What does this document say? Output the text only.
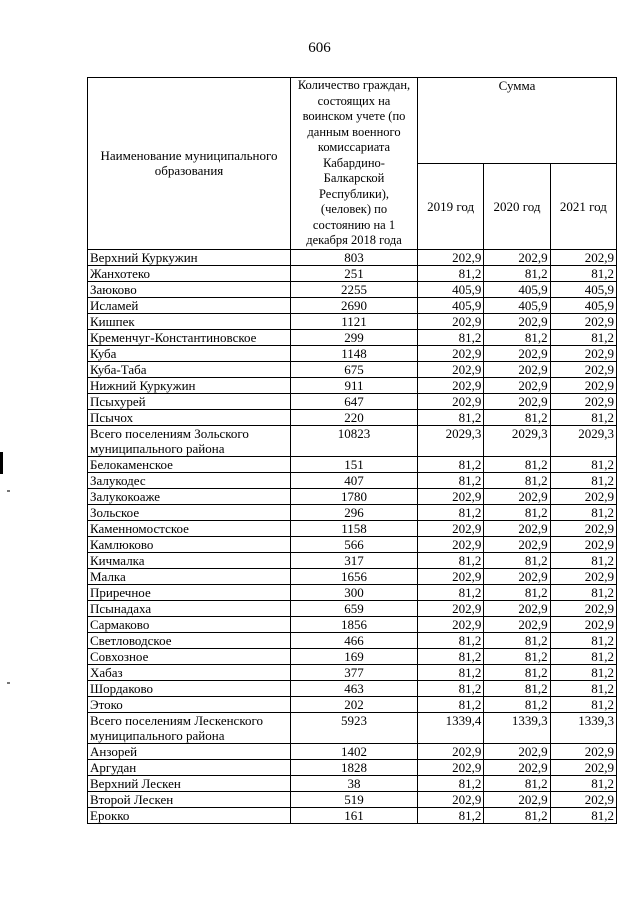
606
Наименование муниципального образования	Количество граждан, состоящих на воинском учете (по данным военного комиссариата Кабардино-Балкарской Республики), (человек) по состоянию на 1 декабря 2018 года	Сумма		
		2019 год	2020 год	2021 год
Верхний Куркужин	803	202,9	202,9	202,9
Жанхотеко	251	81,2	81,2	81,2
Заюково	2255	405,9	405,9	405,9
Исламей	2690	405,9	405,9	405,9
Кишпек	1121	202,9	202,9	202,9
Кременчуг-Константиновское	299	81,2	81,2	81,2
Куба	1148	202,9	202,9	202,9
Куба-Таба	675	202,9	202,9	202,9
Нижний Куркужин	911	202,9	202,9	202,9
Псыхурей	647	202,9	202,9	202,9
Псычох	220	81,2	81,2	81,2
Всего поселениям Зольского муниципального района	10823	2029,3	2029,3	2029,3
Белокаменское	151	81,2	81,2	81,2
Залукодес	407	81,2	81,2	81,2
Залукокоаже	1780	202,9	202,9	202,9
Зольское	296	81,2	81,2	81,2
Каменномостское	1158	202,9	202,9	202,9
Камлюково	566	202,9	202,9	202,9
Кичмалка	317	81,2	81,2	81,2
Малка	1656	202,9	202,9	202,9
Приречное	300	81,2	81,2	81,2
Псынадаха	659	202,9	202,9	202,9
Сармаково	1856	202,9	202,9	202,9
Светловодское	466	81,2	81,2	81,2
Совхозное	169	81,2	81,2	81,2
Хабаз	377	81,2	81,2	81,2
Шордаково	463	81,2	81,2	81,2
Этоко	202	81,2	81,2	81,2
Всего поселениям Лескенского муниципального района	5923	1339,4	1339,3	1339,3
Анзорей	1402	202,9	202,9	202,9
Аргудан	1828	202,9	202,9	202,9
Верхний Лескен	38	81,2	81,2	81,2
Второй Лескен	519	202,9	202,9	202,9
Ерокко	161	81,2	81,2	81,2
